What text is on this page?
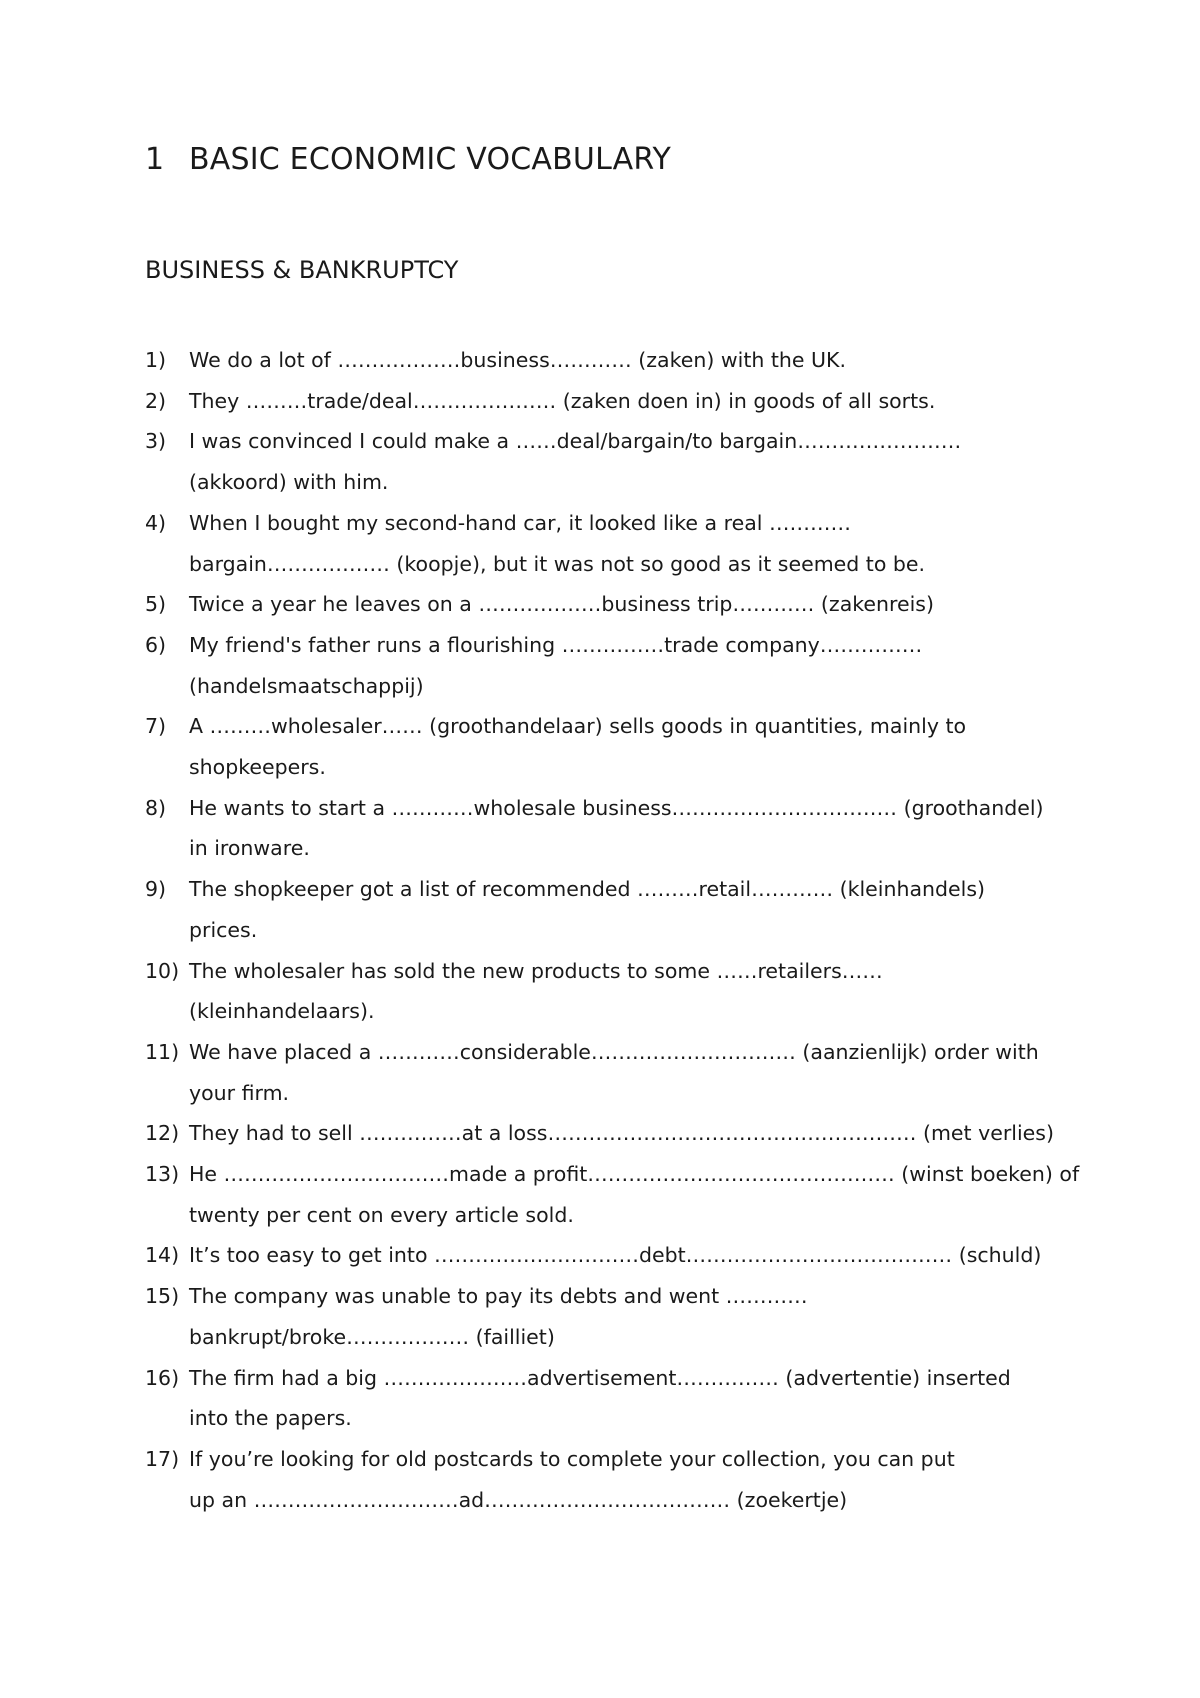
1 BASIC ECONOMIC VOCABULARY
BUSINESS & BANKRUPTCY
1)	We do a lot of ………………business………… (zaken) with the UK.
2)	They ………trade/deal………………… (zaken doen in) in goods of all sorts.
3)	I was convinced I could make a ……deal/bargain/to bargain……………………
(akkoord) with him.
4)	When I bought my second-hand car, it looked like a real …………
bargain……………… (koopje), but it was not so good as it seemed to be.
5)	Twice a year he leaves on a ………………business trip………… (zakenreis)
6)	My friend's father runs a flourishing ……………trade company……………
(handelsmaatschappij)
7)	A ………wholesaler…… (groothandelaar) sells goods in quantities, mainly to
shopkeepers.
8)	He wants to start a …………wholesale business…………………………… (groothandel)
in ironware.
9)	The shopkeeper got a list of recommended ………retail………… (kleinhandels)
prices.
10) The wholesaler has sold the new products to some ……retailers……
(kleinhandelaars).
11) We have placed a …………considerable………………………… (aanzienlijk) order with
your firm.
12) They had to sell ……………at a loss……………………………………………… (met verlies)
13) He ……………………………made a profit……………………………………… (winst boeken) of
twenty per cent on every article sold.
14) It’s too easy to get into …………………………debt………………………………… (schuld)
15) The company was unable to pay its debts and went …………
bankrupt/broke……………… (failliet)
16) The firm had a big …………………advertisement…………… (advertentie) inserted
into the papers.
17) If you’re looking for old postcards to complete your collection, you can put
up an …………………………ad……………………………… (zoekertje)
